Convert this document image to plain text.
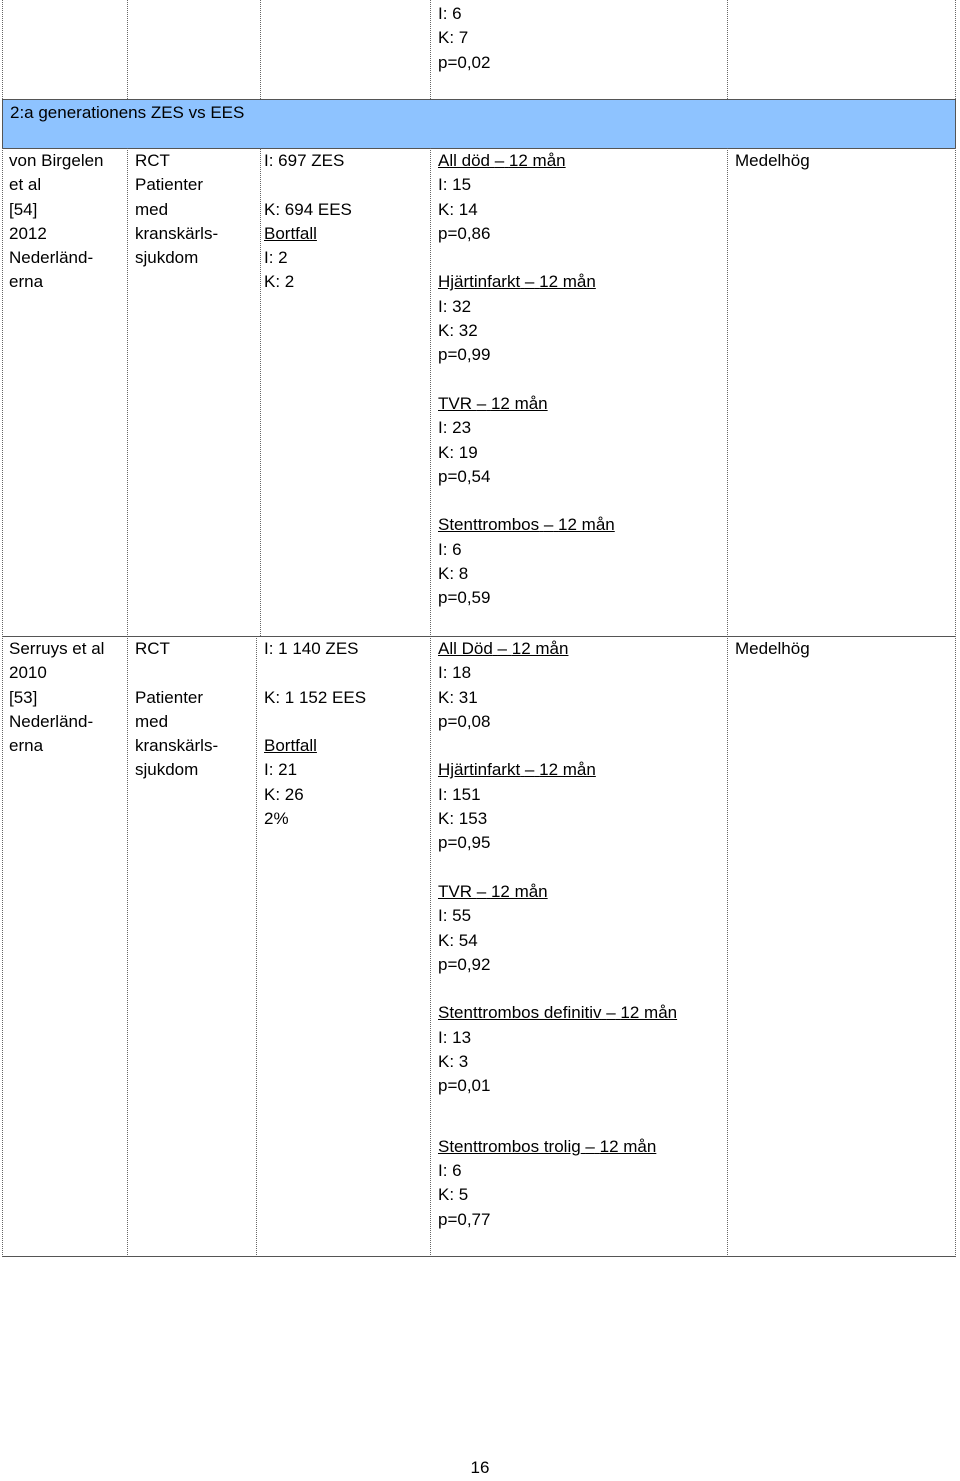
I: 6
K: 7
p=0,02
2:a generationens ZES vs EES
von Birgelen
et al
[54]
2012
Nederländ-
erna
RCT
Patienter
med
kranskärls-
sjukdom
I: 697 ZES
K: 694 EES
Bortfall
I: 2
K: 2
All död – 12 mån
I: 15
K: 14
p=0,86
Hjärtinfarkt – 12 mån
I: 32
K: 32
p=0,99
TVR – 12 mån
I: 23
K: 19
p=0,54
Stenttrombos – 12 mån
I: 6
K: 8
p=0,59
Medelhög
Serruys et al
2010
[53]
Nederländ-
erna
RCT
Patienter
med
kranskärls-
sjukdom
I: 1 140 ZES
K: 1 152 EES
Bortfall
I: 21
K: 26
2%
All Död – 12 mån
I: 18
K: 31
p=0,08
Hjärtinfarkt – 12 mån
I: 151
K: 153
p=0,95
TVR – 12 mån
I: 55
K: 54
p=0,92
Stenttrombos definitiv – 12 mån
I: 13
K: 3
p=0,01
Stenttrombos trolig – 12 mån
I: 6
K: 5
p=0,77
Medelhög
16
